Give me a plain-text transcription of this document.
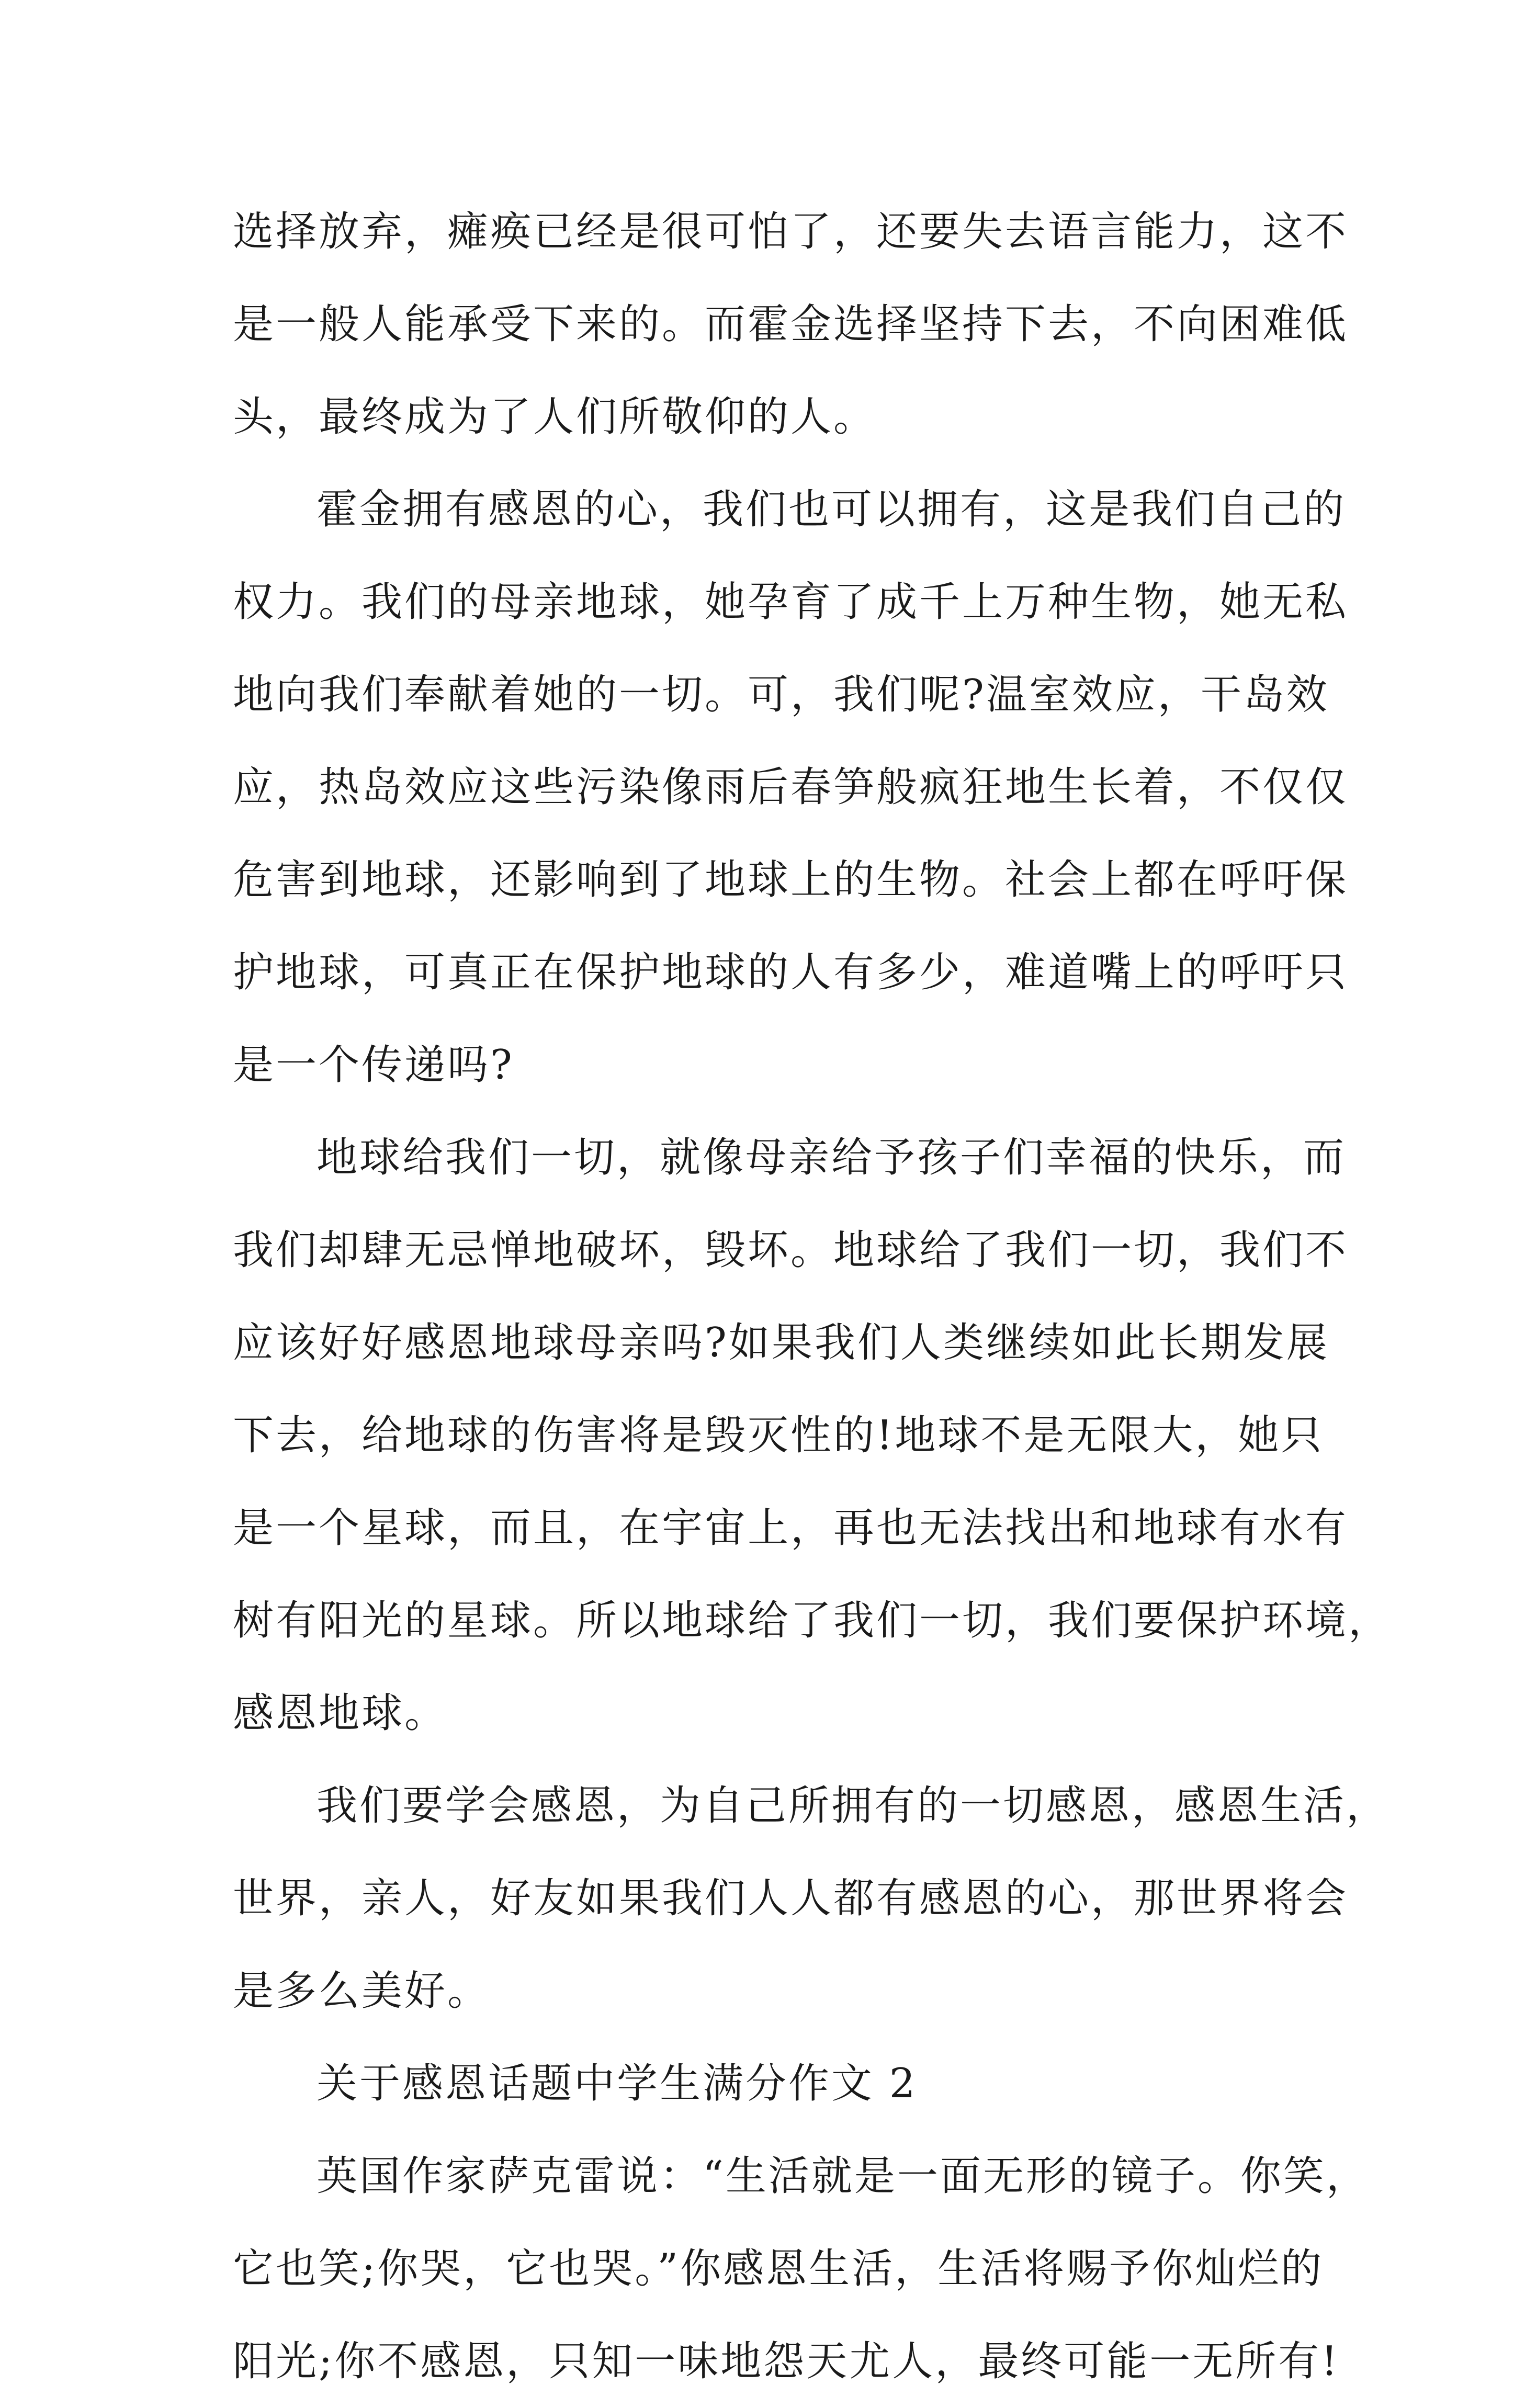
选择放弃，瘫痪已经是很可怕了，还要失去语言能力，这不
是一般人能承受下来的。而霍金选择坚持下去，不向困难低
头，最终成为了人们所敬仰的人。
霍金拥有感恩的心，我们也可以拥有，这是我们自己的
权力。我们的母亲地球，她孕育了成千上万种生物，她无私
地向我们奉献着她的一切。可，我们呢?温室效应，干岛效
应，热岛效应这些污染像雨后春笋般疯狂地生长着，不仅仅
危害到地球，还影响到了地球上的生物。社会上都在呼吁保
护地球，可真正在保护地球的人有多少，难道嘴上的呼吁只
是一个传递吗?
地球给我们一切，就像母亲给予孩子们幸福的快乐，而
我们却肆无忌惮地破坏，毁坏。地球给了我们一切，我们不
应该好好感恩地球母亲吗?如果我们人类继续如此长期发展
下去，给地球的伤害将是毁灭性的!地球不是无限大，她只
是一个星球，而且，在宇宙上，再也无法找出和地球有水有
树有阳光的星球。所以地球给了我们一切，我们要保护环境，
感恩地球。
我们要学会感恩，为自己所拥有的一切感恩，感恩生活，
世界，亲人，好友如果我们人人都有感恩的心，那世界将会
是多么美好。
关于感恩话题中学生满分作文 2
英国作家萨克雷说：“生活就是一面无形的镜子。你笑，
它也笑;你哭，它也哭。”你感恩生活，生活将赐予你灿烂的
阳光;你不感恩，只知一味地怨天尤人，最终可能一无所有!
